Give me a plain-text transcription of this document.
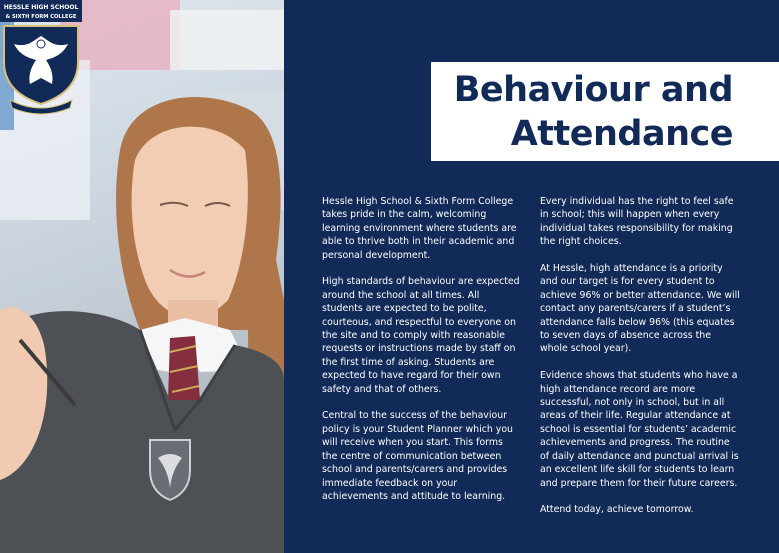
HESSLE HIGH SCHOOL
& SIXTH FORM COLLEGE
Behaviour and
Attendance

Hessle High School & Sixth Form College takes pride in the calm, welcoming learning environment where students are able to thrive both in their academic and personal development.

High standards of behaviour are expected around the school at all times. All students are expected to be polite, courteous, and respectful to everyone on the site and to comply with reasonable requests or instructions made by staff on the first time of asking. Students are expected to have regard for their own safety and that of others.

Central to the success of the behaviour policy is your Student Planner which you will receive when you start. This forms the centre of communication between school and parents/carers and provides immediate feedback on your achievements and attitude to learning.

Every individual has the right to feel safe in school; this will happen when every individual takes responsibility for making the right choices.

At Hessle, high attendance is a priority and our target is for every student to achieve 96% or better attendance. We will contact any parents/carers if a student’s attendance falls below 96% (this equates to seven days of absence across the whole school year).

Evidence shows that students who have a high attendance record are more successful, not only in school, but in all areas of their life. Regular attendance at school is essential for students’ academic achievements and progress. The routine of daily attendance and punctual arrival is an excellent life skill for students to learn and prepare them for their future careers.

Attend today, achieve tomorrow.
